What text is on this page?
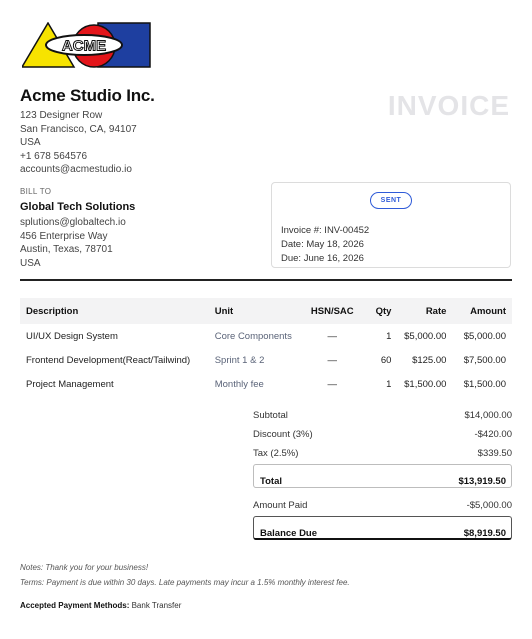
ACME
Acme Studio Inc.
123 Designer Row
San Francisco, CA, 94107
USA
+1 678 564576
accounts@acmestudio.io
INVOICE
BILL TO
Global Tech Solutions
splutions@globaltech.io
456 Enterprise Way
Austin, Texas, 78701
USA
SENT
Invoice #: INV-00452
Date: May 18, 2026
Due: June 16, 2026
Description	Unit	HSN/SAC	Qty	Rate	Amount
UI/UX Design System	Core Components	—	1	$5,000.00	$5,000.00
Frontend Development(React/Tailwind)	Sprint 1 & 2	—	60	$125.00	$7,500.00
Project Management	Monthly fee	—	1	$1,500.00	$1,500.00
Subtotal	$14,000.00
Discount (3%)	-$420.00
Tax (2.5%)	$339.50
Total	$13,919.50
Amount Paid	-$5,000.00
Balance Due	$8,919.50
Notes: Thank you for your business!
Terms: Payment is due within 30 days. Late payments may incur a 1.5% monthly interest fee.
Accepted Payment Methods: Bank Transfer
